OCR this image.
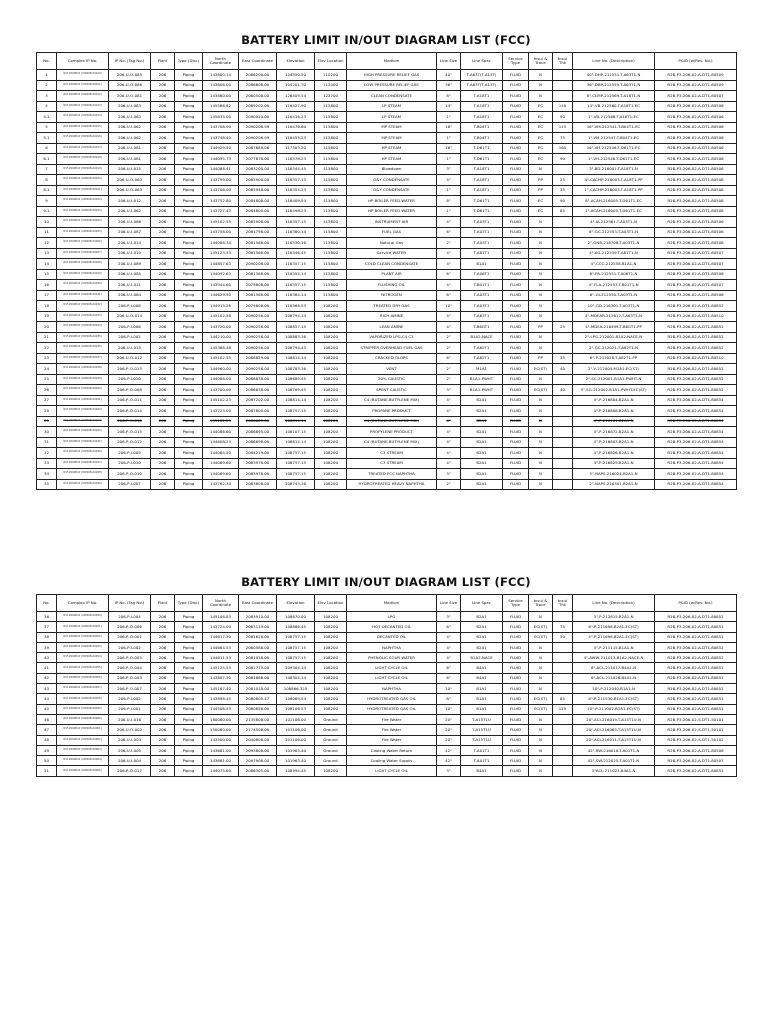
BATTERY LIMIT IN/OUT DIAGRAM LIST (FCC)
No.	Complex IP No.	IP No. (Tag No.)	Plant	Type (Disc)	North Coordinate	East Coordinate	Elevation	Elev Location	Medium	Line Size	Line Spec	Service Type	Insul & Trace	Insul Thk	Line No. (Description)	P&ID (w/Rev. No.)
1	IP-P-206P022 (IOP008-00010)	206-U-O-085	206	Piping	143800.14	2086200.00	104350.50	110200	HIGH PRESSURE RELIEF GAS	40"	T-A63T(T-A13T)	FLUID	N		40"-DHP-212551-T-A63T1-N	R2B-P3-206-02-A-DT1-80509
2	IP-P-206P022 (IOP008-00011)	206-U-O-086	206	Piping	143806.00	2086608.00	104201.70	112000	LOW PRESSURE RELIEF GAS	36"	T-A63T(T-A13T)	FLUID	N		36"-DBP-212559-T-A63T1-N	R2B-P3-206-02-A-DT1-80509
3	IP-P-206P022 (IOP008-00012)	206-U-O-081	206	Piping	143880.00	2080508.00	126409.54	122700	CLEAN CONDENSATE	8"	T-A18T1	FLUID	N		8"-CLMP-212569-T-A18T1-N	R2B-P3-206-02-A-DT1-80507
4	IP-P-206P022 (IOP008-00013)	206-U-I-083	206	Piping	145586.82	2089202.00	116427.90	115800	LP STEAM	14"	T-A18T1	FLUID	EC	140	14"-VB-212560-T-A18T1-EC	R2B-P3-206-02-A-DT1-80506
4.1	IP-P-206P022 (IOP008-00014)	206-U-I-063	206	Piping	145835.00	2090020.00	116416.23	115800	LP STEAM	1"	T-A18T1	FLUID	EC	90	1"-VB-212568-T-A18T1-EC	R2B-P3-206-02-A-DT1-80506
5	IP-P-206P022 (IOP008-00015)	206-U-I-062	206	Piping	143708.90	2090208.99	116476.60	115800	MP STEAM	16"	T-B04T1	FLUID	EC	115	16"-VM-212541-T-B04T1-EC	R2B-P3-206-02-A-DT1-80506
5.1	IP-P-206P022 (IOP008-00016)	206-U-I-062	206	Piping	143748.40	2090208.99	116455.23	115800	MP STEAM	1"	T-B04T1	FLUID	EC	75	1"-VM-212547-T-B04T1-EC	R2B-P3-206-02-A-DT1-80506
6	IP-P-206P022 (IOP008-00017)	206-U-I-081	206	Piping	144929.50	2087689.06	117303.20	115800	HP STEAM	16"	T-D61T1	FLUID	EC	165	16"-VH-212546-T-D61T1-EC	R2B-P3-206-02-A-DT1-80506
6.1	IP-P-206P022 (IOP008-00018)	206-U-I-081	206	Piping	144095.73	2077678.00	116378.23	115800	HP STEAM	1"	T-D61T1	FLUID	EC	90	1"-VH-212546-T-D61T1-EC	R2B-P3-206-02-A-DT1-80506
7	IP-P-206P022 (IOP008-00019)	206-U-I-015	206	Piping	144088.41	2083200.00	116344.45	115800	Blowdown	3"	T-A18T1	FLUID	N		3"-BD-216001-T-A18T1-N	R2B-P3-206-02-A-DT1-80506
8	IP-P-206P022 (IOP008-00020)	206-U-O-063	206	Piping	143799.00	2085900.00	116357.15	115800	O&Y CONDENSATE	4"	T-A18T1	FLUID	PP	25	4"-CACHP-216003-T-A18T1-PP	R2B-P3-206-02-A-DT1-80508
8.1	IP-P-206P022 (IOP008-00021)	206-U-O-063	206	Piping	143706.00	2085948.00	116354.23	115800	O&Y CONDENSATE	1"	T-A18T1	FLUID	PP	25	1"-CACHP-216003-T-A18T1-PP	R2B-P3-206-02-A-DT1-80508
9	IP-P-206P022 (IOP008-00022)	206-U-I-012	206	Piping	143752.80	2084808.00	116409.54	115800	HP BOILER FEED WATER	8"	T-D61T1	FLUID	EC	90	8"-ACAH-216005-T-D61T1-EC	R2B-P3-206-02-A-DT1-80508
9.1	IP-P-206P022 (IOP008-00023)	206-U-I-062	206	Piping	143727.43	2084800.00	116498.23	115800	HP BOILER FEED WATER	1"	T-D61T1	FLUID	EC	65	1"-ACAH-216005-T-D61T1-EC	R2B-P3-206-02-A-DT1-80508
10	IP-P-206P022 (IOP008-00024)	206-U-I-086	206	Piping	145102.53	2085908.00	116357.15	115800	INSTRUMENT AIR	4"	T-A03T1	FLUID	N		4"-IA-212561-T-A03T1-N	R2B-P3-206-02-A-DT1-80506
11	IP-P-206P022 (IOP008-00025)	206-U-I-087	206	Piping	143758.00	2081798.00	116380.14	115800	FUEL GAS	6"	T-A03T1	FLUID	N		6"-GC-212553-T-A03T1-N	R2B-P3-206-02-A-DT1-80506
12	IP-P-206P022 (IOP008-00026)	206-U-I-014	206	Piping	144088.34	2081568.00	116330.16	115800	Natural Gas	2"	T-A03T1	FLUID	N		2"-GNB-216708-T-A03T1-N	R2B-P3-206-02-A-DT1-80506
13	IP-P-206P022 (IOP008-00027)	206-U-I-010	206	Piping	145123.53	2081568.00	116346.45	115800	Service WATER	4"	T-A81T1	FLUID	N		4"-AG-212539-T-A81T1-N	R2B-P3-206-02-A-DT1-80507
14	IP-P-206P022 (IOP008-00028)	206-U-I-089	206	Piping	144857.63	2090208.00	116357.15	115800	COLD CLEAN CONDENSATE	4"	B1A1	FLUID	N		4"-CCC-212558-B1A1-N	R2B-P3-206-02-A-DT1-80507
15	IP-P-206P022 (IOP008-00029)	206-U-I-085	206	Piping	144092.63	2081368.00	116354.14	115800	PLANT AIR	6"	T-A06T1	FLUID	N		6"-PA-212551-T-A06T1-N	R2B-P3-206-02-A-DT1-80506
16	IP-P-206P022 (IOP008-00030)	206-U-I-011	206	Piping	143944.60	2079808.00	116357.15	115800	FLUSHING OIL	4"	T-B01T1	FLUID	N		4"-FLA-212557-T-B01T1-N	R2B-P3-206-02-A-DT1-80507
17	IP-P-206P022 (IOP008-00031)	206-U-I-084	206	Piping	144629.50	2081568.00	116384.14	115800	NITROGEN	6"	T-A03T1	FLUID	N		6"-GI-212550-T-A03T1-N	R2B-P3-206-02-A-DT1-80506
18	IP-P-206P022 (IOP008-00032)	206-P-I-006	206	Piping	144915.28	2079808.00	116366.53	108200	TREATED DRY GAS	10"	T-A03T1	FLUID	N		10"-GD-216301-T-A03T1-N	R2B-P3-206-02-A-DT1-80852
19	IP-P-206P022 (IOP008-00033)	206-U-O-014	206	Piping	145102.58	2090258.00	108794.14	108200	RICH AMINE	4"	T-A63T1	FLUID	N		4"-MDEAR-212612-T-A63T1-N	R2B-P3-206-02-A-DT1-80510
20	IP-P-206P022 (IOP008-00034)	206-P-I-006	206	Piping	143720.00	2090258.00	108857.15	108200	LEAN AMINE	4"	T-B6GT1	FLUID	PP	25	4"-MDEA-216499-T-B6GT1-PP	R2B-P3-206-02-A-DT1-80852
21	IP-P-206P022 (IOP008-00035)	206-P-I-005	206	Piping	144210.00	2090258.00	108883.16	108200	VAPORIZED LPG-C4 C3	2"	B1A2-NACE	FLUID	N		2"-LPG-212001-B1A2-NACE-N	R2B-P3-206-02-A-DT1-80852
22	IP-P-206P022 (IOP008-00036)	206-U-I-013	206	Piping	145388.48	2090258.00	108794.45	108200	STRIPPER OVERHEAD FUEL GAS	2"	T-A82T1	FLUID	N		2"-GC-212021-T-A82T1-N	R2B-P3-206-02-A-DT1-80852
23	IP-P-206P022 (IOP008-00037)	206-U-O-012	206	Piping	145102.53	2088829.00	108814.14	108200	CRACKED GLOPS	6"	T-A82T1	FLUID	PP	25	6"-P-212028-T-A82T1-PP	R2B-P3-206-02-A-DT1-80510
24	IP-P-206P022 (IOP008-00038)	206-P-O-013	206	Piping	144960.00	2090258.00	108783.16	108200	VENT	2"	M1A1	FLUID	EC(ST)	40	2"-V-212004-M1A1-EC(ST)	R2B-P3-206-02-A-DT1-80852
25	IP-P-206P022 (IOP008-00039)	206-P-I-010	206	Piping	144088.00	2088838.00	108689.45	108200	20% CAUSTIC	2"	B1A1-PWHT	FLUID	N		2"-SC-212001-B1A1-PWHT-N	R2B-P3-206-02-A-DT1-80852
26	IP-P-206P022 (IOP008-00040)	206-P-O-008	206	Piping	143700.00	2086638.00	108769.45	108200	SPENT CAUSTIC	3"	B1A1-PWHT	FLUID	EC(ST)	40	3"-SG-212002-B1A1-PWHT-EC(ST)	R2B-P3-206-02-A-DT1-80852
27	IP-P-206P022 (IOP008-00041)	206-P-O-011	206	Piping	145102.23	2087202.00	108814.14	108200	C4 (BUTANE-BUTYLENE MIX)	4"	B2A1	FLUID	N		4"-P-216804-B2A1-N	R2B-P3-206-02-A-DT1-80854
28	IP-P-206P022 (IOP008-00042)	206-P-O-014	206	Piping	143723.00	2087800.00	108757.15	108200	PROPANE PRODUCT	4"	B2A1	FLUID	N		4"-P-216808-B2A1-N	R2B-P3-206-02-A-DT1-80854
29	IP-P-206P022 (IOP008-00043)	206-P-O-016	206	Piping	145102.23	2086605.00	108814.14	108200	C4 (BUTANE-BUTYLENE MIX)	4"	B2A1	FLUID	N		4"-P-216161-B2A1-N	R2B-P3-206-02-A-DT1-80854
30	IP-P-206P022 (IOP008-00044)	206-P-O-015	206	Piping	144086.60	2086895.00	108107.15	108200	PROPYLENE PRODUCT	4"	B2A1	FLUID	N		4"-P-216872-B2A1-N	R2B-P3-206-02-A-DT1-80854
31	IP-P-206P022 (IOP008-00045)	206-P-O-012	206	Piping	144608.23	2086698.00	108814.14	108200	C4 (BUTANE-BUTYLENE MIX)	4"	B2A1	FLUID	N		4"-P-216803-B2A1-N	R2B-P3-206-02-A-DT1-80854
32	IP-P-206P022 (IOP008-00046)	206-P-I-009	206	Piping	144064.50	2084219.00	108757.15	108200	C3 STREAM	4"	B2A1	FLUID	N		4"-P-216826-B2A1-N	R2B-P3-206-02-A-DT1-80854
33	IP-P-206P022 (IOP008-00047)	206-P-I-010	206	Piping	144069.60	2083978.00	108757.15	108200	C3 STREAM	4"	B2A1	FLUID	N		4"-P-216825-B2A1-N	R2B-P3-206-02-A-DT1-80854
34	IP-P-206P022 (IOP008-00048)	206-P-O-010	206	Piping	144069.60	2083978.00	108757.15	108200	TREATED FCC NAPHTHA	3"	B2A1	FLUID	N		3"-NAPS-216024-B2A1-N	R2B-P3-206-02-A-DT1-80854
35	IP-P-206P022 (IOP008-00049)	206-P-I-007	206	Piping	143762.34	2083608.00	108743.16	108200	HYDROTREATED HEAVY NAPHTHA	2"	B2A1	FLUID	N		2"-NAPS-216301-B2A1-N	R2B-P3-206-02-A-DT1-80854
BATTERY LIMIT IN/OUT DIAGRAM LIST (FCC)
No.	Complex IP No.	IP No. (Tag No.)	Plant	Type (Disc)	North Coordinate	East Coordinate	Elevation	Elev Location	Medium	Line Size	Line Spec	Service Type	Insul & Trace	Insul Thk	Line No. (Description)	P&ID (w/Rev. No.)
36	IP-P-206P022 (IOP008-00050)	206-P-I-004	206	Piping	145108.83	2083910.00	108670.00	108200	LPG	3"	B2A1	FLUID	N		3"-P-212815-B2A1-N	R2B-P3-206-02-A-DT1-80852
37	IP-P-206P022 (IOP008-00051)	206-P-O-006	206	Piping	143724.00	2083119.00	108886.45	108200	HOT DECANTED OIL	6"	B2A1	FLUID	EC(ST)	75	6"-P-211698-B2A1-EC(ST)	R2B-P3-206-02-A-DT1-80851
38	IP-P-206P022 (IOP008-00052)	206-P-O-001	206	Piping	144617.50	2081628.00	108757.15	108200	DECANTED OIL	4"	B2A1	FLUID	EC(ST)	50	4"-P-211698-B2A1-EC(ST)	R2B-P3-206-02-A-DT1-80851
39	IP-P-206P022 (IOP008-00053)	206-P-I-002	206	Piping	144664.53	2080588.00	108757.15	108200	NAPHTHA	4"	B2A1	FLUID	N		4"-P-211115-B1A1-N	R2B-P3-206-02-A-DT1-80852
40	IP-P-206P022 (IOP008-00054)	206-P-O-005	206	Piping	144611.53	2081018.00	108757.15	108200	PHENOLIC SOUR WATER	4"	B1A2-NACE	FLUID	N		4"-AWW-211013-B1A2-NACE-N	R2B-P3-206-02-A-DT1-80852
41	IP-P-206P022 (IOP008-00055)	206-P-O-004	206	Piping	145125.53	2081775.00	109304.14	108200	LIGHT CYCLE OIL	6"	B4A1	FLUID	N		6"-ACL-211017-B4A1-N	R2B-P3-206-02-A-DT1-80851
42	IP-P-206P022 (IOP008-00056)	206-P-O-003	206	Piping	143807.50	2081668.00	108304.14	108200	LIGHT CYCLE OIL	6"	B4A1	FLUID	N		6"-ACL-211026-B4A1-N	R2B-P3-206-02-A-DT1-80851
43	IP-P-206P022 (IOP008-00057)	206-P-O-007	206	Piping	145187.40	2081018.00	108866.325	108200	NAPHTHA	10"	B1A1	FLUID	N		10"-P-212040-B1A1-N	R2B-P3-206-02-A-DT1-80852
44	IP-P-206P022 (IOP008-00058)	206-P-I-002	206	Piping	143898.45	2080805.47	108069.54	108200	HYDROTREATED GAS OIL	8"	B1A1	FLUID	EC(ST)	65	8"-P-211530-B1A1-EC(ST)	R2B-P3-206-02-A-DT1-80851
45	IP-P-206P022 (IOP008-00059)	206-P-I-001	206	Piping	144508.53	2080858.00	108106.53	108200	HYDROTREATED GAS OIL	10"	B1A1	FLUID	EC(ST)	115	10"-P-211002-B1A1-EC(ST)	R2B-P3-206-02-A-DT1-80851
46	IP-P-206P022 (IOP008-00060)	206-U-I-016	206	Piping	180080.00	2135808.00	101106.00	Ground	Fire Water	20"	T-A15T1U	FLUID	N		20"-ACI-216019-T-A15T1U-N	R2B-P3-206-02-S-DT1-50101
47	IP-P-206P022 (IOP008-00061)	206-U-O-002	206	Piping	150080.00	2174508.00	101106.00	Ground	Fire Water	20"	T-A15T1U	FLUID	N		20"-ACI-216065-T-A15T1U-N	R2B-P3-206-02-S-DT1-50101
48	IP-P-206P022 (IOP008-00062)	206-U-I-003	206	Piping	143500.00	2040808.00	101106.00	Ground	Fire Water	20"	T-A15T1U	FLUID	N		20"-ACI-216011-T-A15T1U-N	R2B-P3-206-02-S-DT1-50102
49	IP-P-206P022 (IOP008-00063)	206-U-I-005	206	Piping	143681.00	2093808.00	101963.40	Ground	Cooling Water Return	42"	T-A01T1	FLUID	N		42"-RW-216010-T-A01T1-N	R2B-P3-206-02-A-DT1-80508
50	IP-P-206P022 (IOP008-00064)	206-U-I-004	206	Piping	143681.00	2097908.00	101963.40	Ground	Cooling Water Supply	42"	T-A01T1	FLUID	N		42"-SW-212025-T-A01T1-N	R2B-P3-206-02-A-DT1-80507
51	IP-P-206P022 (IOP008-00065)	206-P-O-017	206	Piping	144075.60	2086305.00	108994.45	108200	LIGHT CYCLE OIL	3"	B4A1	FLUID	N		3"ACL-211023-B4A1-N	R2B-P3-206-02-A-DT1-80851
